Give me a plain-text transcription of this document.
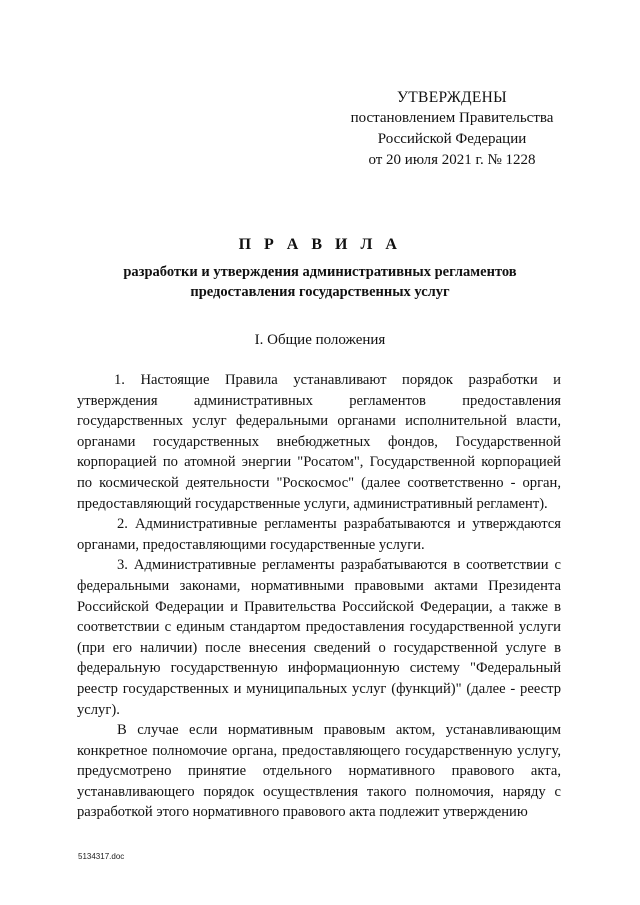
УТВЕРЖДЕНЫ
постановлением Правительства
Российской Федерации
от 20 июля 2021 г. № 1228
П Р А В И Л А
разработки и утверждения административных регламентов
предоставления государственных услуг
I. Общие положения

1. Настоящие Правила устанавливают порядок разработки и утверждения административных регламентов предоставления государственных услуг федеральными органами исполнительной власти, органами государственных внебюджетных фондов, Государственной корпорацией по атомной энергии "Росатом", Государственной корпорацией по космической деятельности "Роскосмос" (далее соответственно - орган, предоставляющий государственные услуги, административный регламент).

2. Административные регламенты разрабатываются и утверждаются органами, предоставляющими государственные услуги.

3. Административные регламенты разрабатываются в соответствии с федеральными законами, нормативными правовыми актами Президента Российской Федерации и Правительства Российской Федерации, а также в соответствии с единым стандартом предоставления государственной услуги (при его наличии) после внесения сведений о государственной услуге в федеральную государственную информационную систему "Федеральный реестр государственных и муниципальных услуг (функций)" (далее - реестр услуг).

В случае если нормативным правовым актом, устанавливающим конкретное полномочие органа, предоставляющего государственную услугу, предусмотрено принятие отдельного нормативного правового акта, устанавливающего порядок осуществления такого полномочия, наряду с разработкой этого нормативного правового акта подлежит утверждению

5134317.doc
